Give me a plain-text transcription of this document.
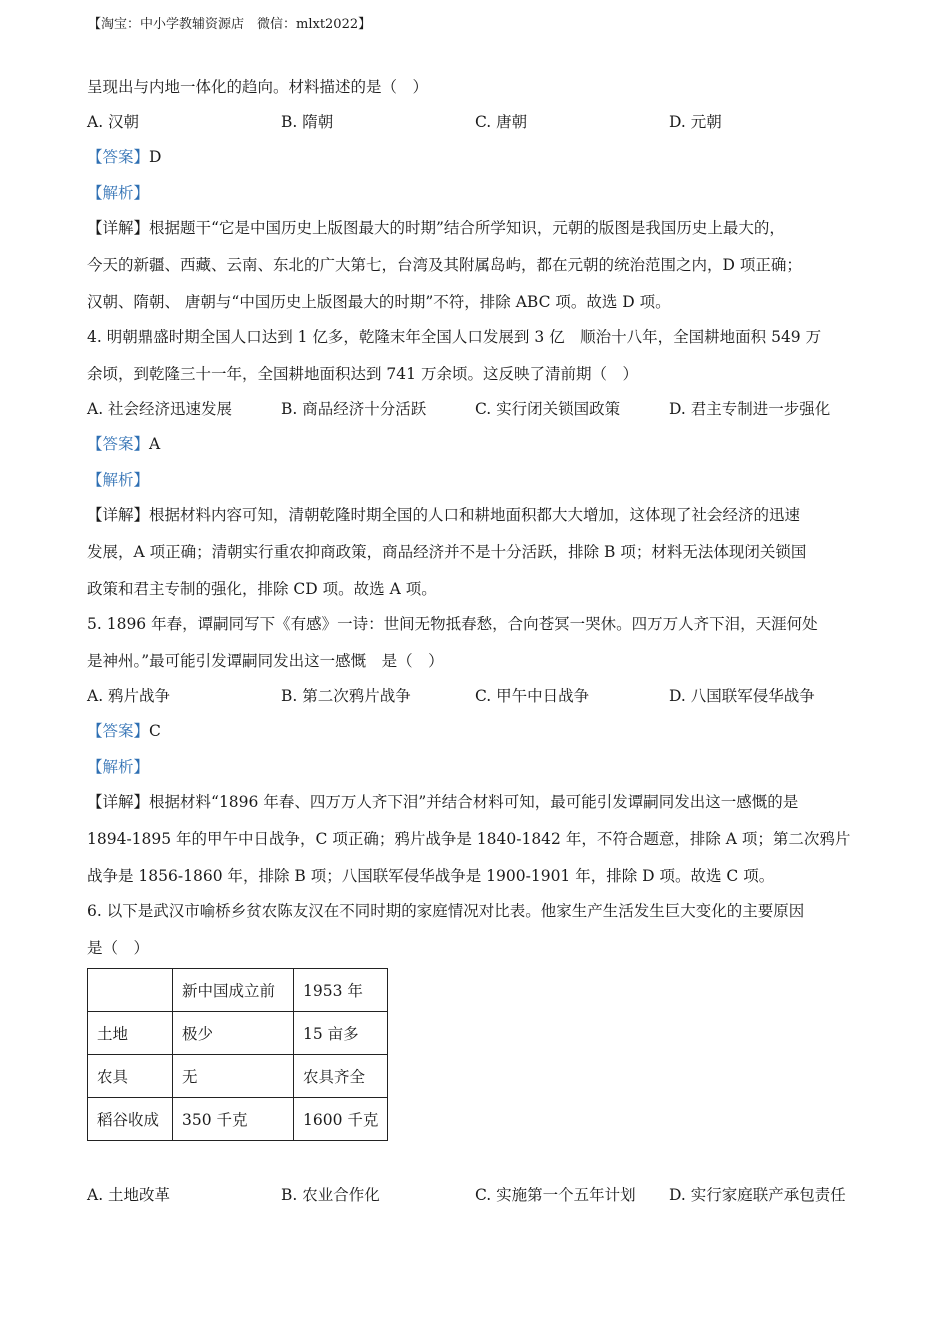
【淘宝：中小学教辅资源店　微信：mlxt2022】
呈现出与内地一体化的趋向。材料描述的是（　）
A. 汉朝	B. 隋朝	C. 唐朝	D. 元朝
【答案】D
【解析】
【详解】根据题干“它是中国历史上版图最大的时期”结合所学知识，元朝的版图是我国历史上最大的，
今天的新疆、西藏、云南、东北的广大第七，台湾及其附属岛屿，都在元朝的统治范围之内，D 项正确；
汉朝、隋朝、 唐朝与“中国历史上版图最大的时期”不符，排除 ABC 项。故选 D 项。
4. 明朝鼎盛时期全国人口达到 1 亿多，乾隆末年全国人口发展到 3 亿　顺治十八年，全国耕地面积 549 万
余顷，到乾隆三十一年，全国耕地面积达到 741 万余顷。这反映了清前期（　）
A. 社会经济迅速发展	B. 商品经济十分活跃	C. 实行闭关锁国政策	D. 君主专制进一步强化
【答案】A
【解析】
【详解】根据材料内容可知，清朝乾隆时期全国的人口和耕地面积都大大增加，这体现了社会经济的迅速
发展，A 项正确；清朝实行重农抑商政策，商品经济并不是十分活跃，排除 B 项；材料无法体现闭关锁国
政策和君主专制的强化，排除 CD 项。故选 A 项。
5. 1896 年春，谭嗣同写下《有感》一诗：世间无物抵春愁，合向苍冥一哭休。四万万人齐下泪，天涯何处
是神州。”最可能引发谭嗣同发出这一感慨　是（　）
A. 鸦片战争	B. 第二次鸦片战争	C. 甲午中日战争	D. 八国联军侵华战争
【答案】C
【解析】
【详解】根据材料“1896 年春、四万万人齐下泪”并结合材料可知，最可能引发谭嗣同发出这一感慨的是
1894-1895 年的甲午中日战争，C 项正确；鸦片战争是 1840-1842 年，不符合题意，排除 A 项；第二次鸦片
战争是 1856-1860 年，排除 B 项；八国联军侵华战争是 1900-1901 年，排除 D 项。故选 C 项。
6. 以下是武汉市喻桥乡贫农陈友汉在不同时期的家庭情况对比表。他家生产生活发生巨大变化的主要原因
是（　）
	新中国成立前	1953 年
土地	极少	15 亩多
农具	无	农具齐全
稻谷收成	350 千克	1600 千克
A. 土地改革	B. 农业合作化	C. 实施第一个五年计划 D. 实行家庭联产承包责任
